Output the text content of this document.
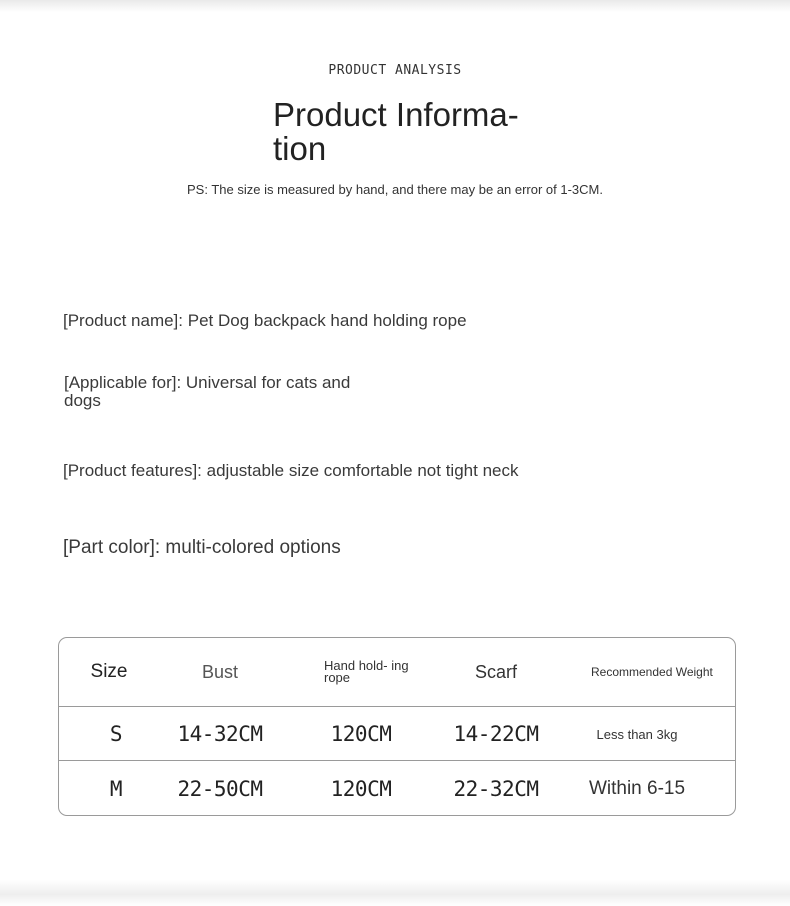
PRODUCT ANALYSIS
Product Informa- tion
PS: The size is measured by hand, and there may be an error of 1-3CM.
[Product name]: Pet Dog backpack hand holding rope
[Applicable for]: Universal for cats and dogs
[Product features]: adjustable size comfortable not tight neck
[Part color]: multi-colored options
Size	Bust	Hand hold- ing rope	Scarf	Recommended Weight
S	14-32CM	120CM	14-22CM	Less than 3kg
M	22-50CM	120CM	22-32CM	Within 6-15
